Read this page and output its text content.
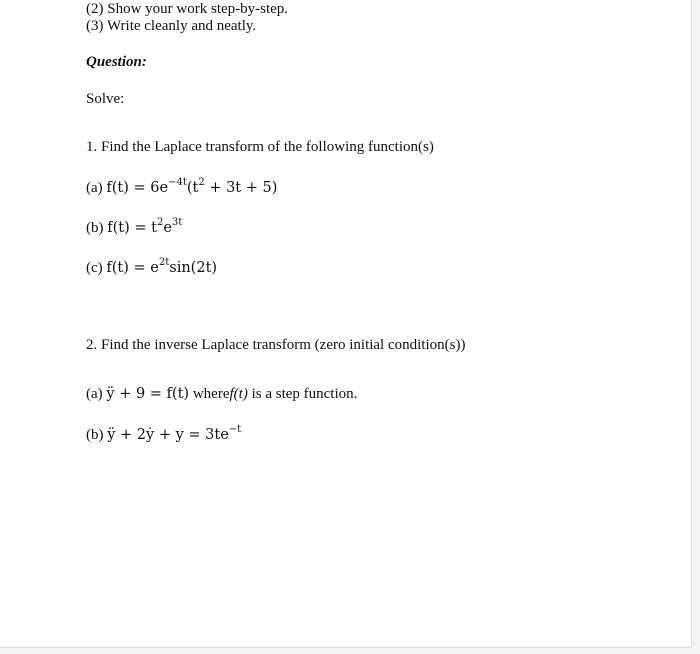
(2) Show your work step-by-step.
(3) Write cleanly and neatly.
Question:
Solve:
1. Find the Laplace transform of the following function(s)
(a) $f(t) = 6e^{-4t}(t^2 + 3t + 5)$
(b) $f(t) = t^2e^{3t}$
(c) $f(t) = e^{2t}\sin(2t)$
2. Find the inverse Laplace transform (zero initial condition(s))
(a) ÿ + 9 = f(t) wheref(t) is a step function.
(b) ÿ + 2ẏ + $y = 3te^{-t}$
